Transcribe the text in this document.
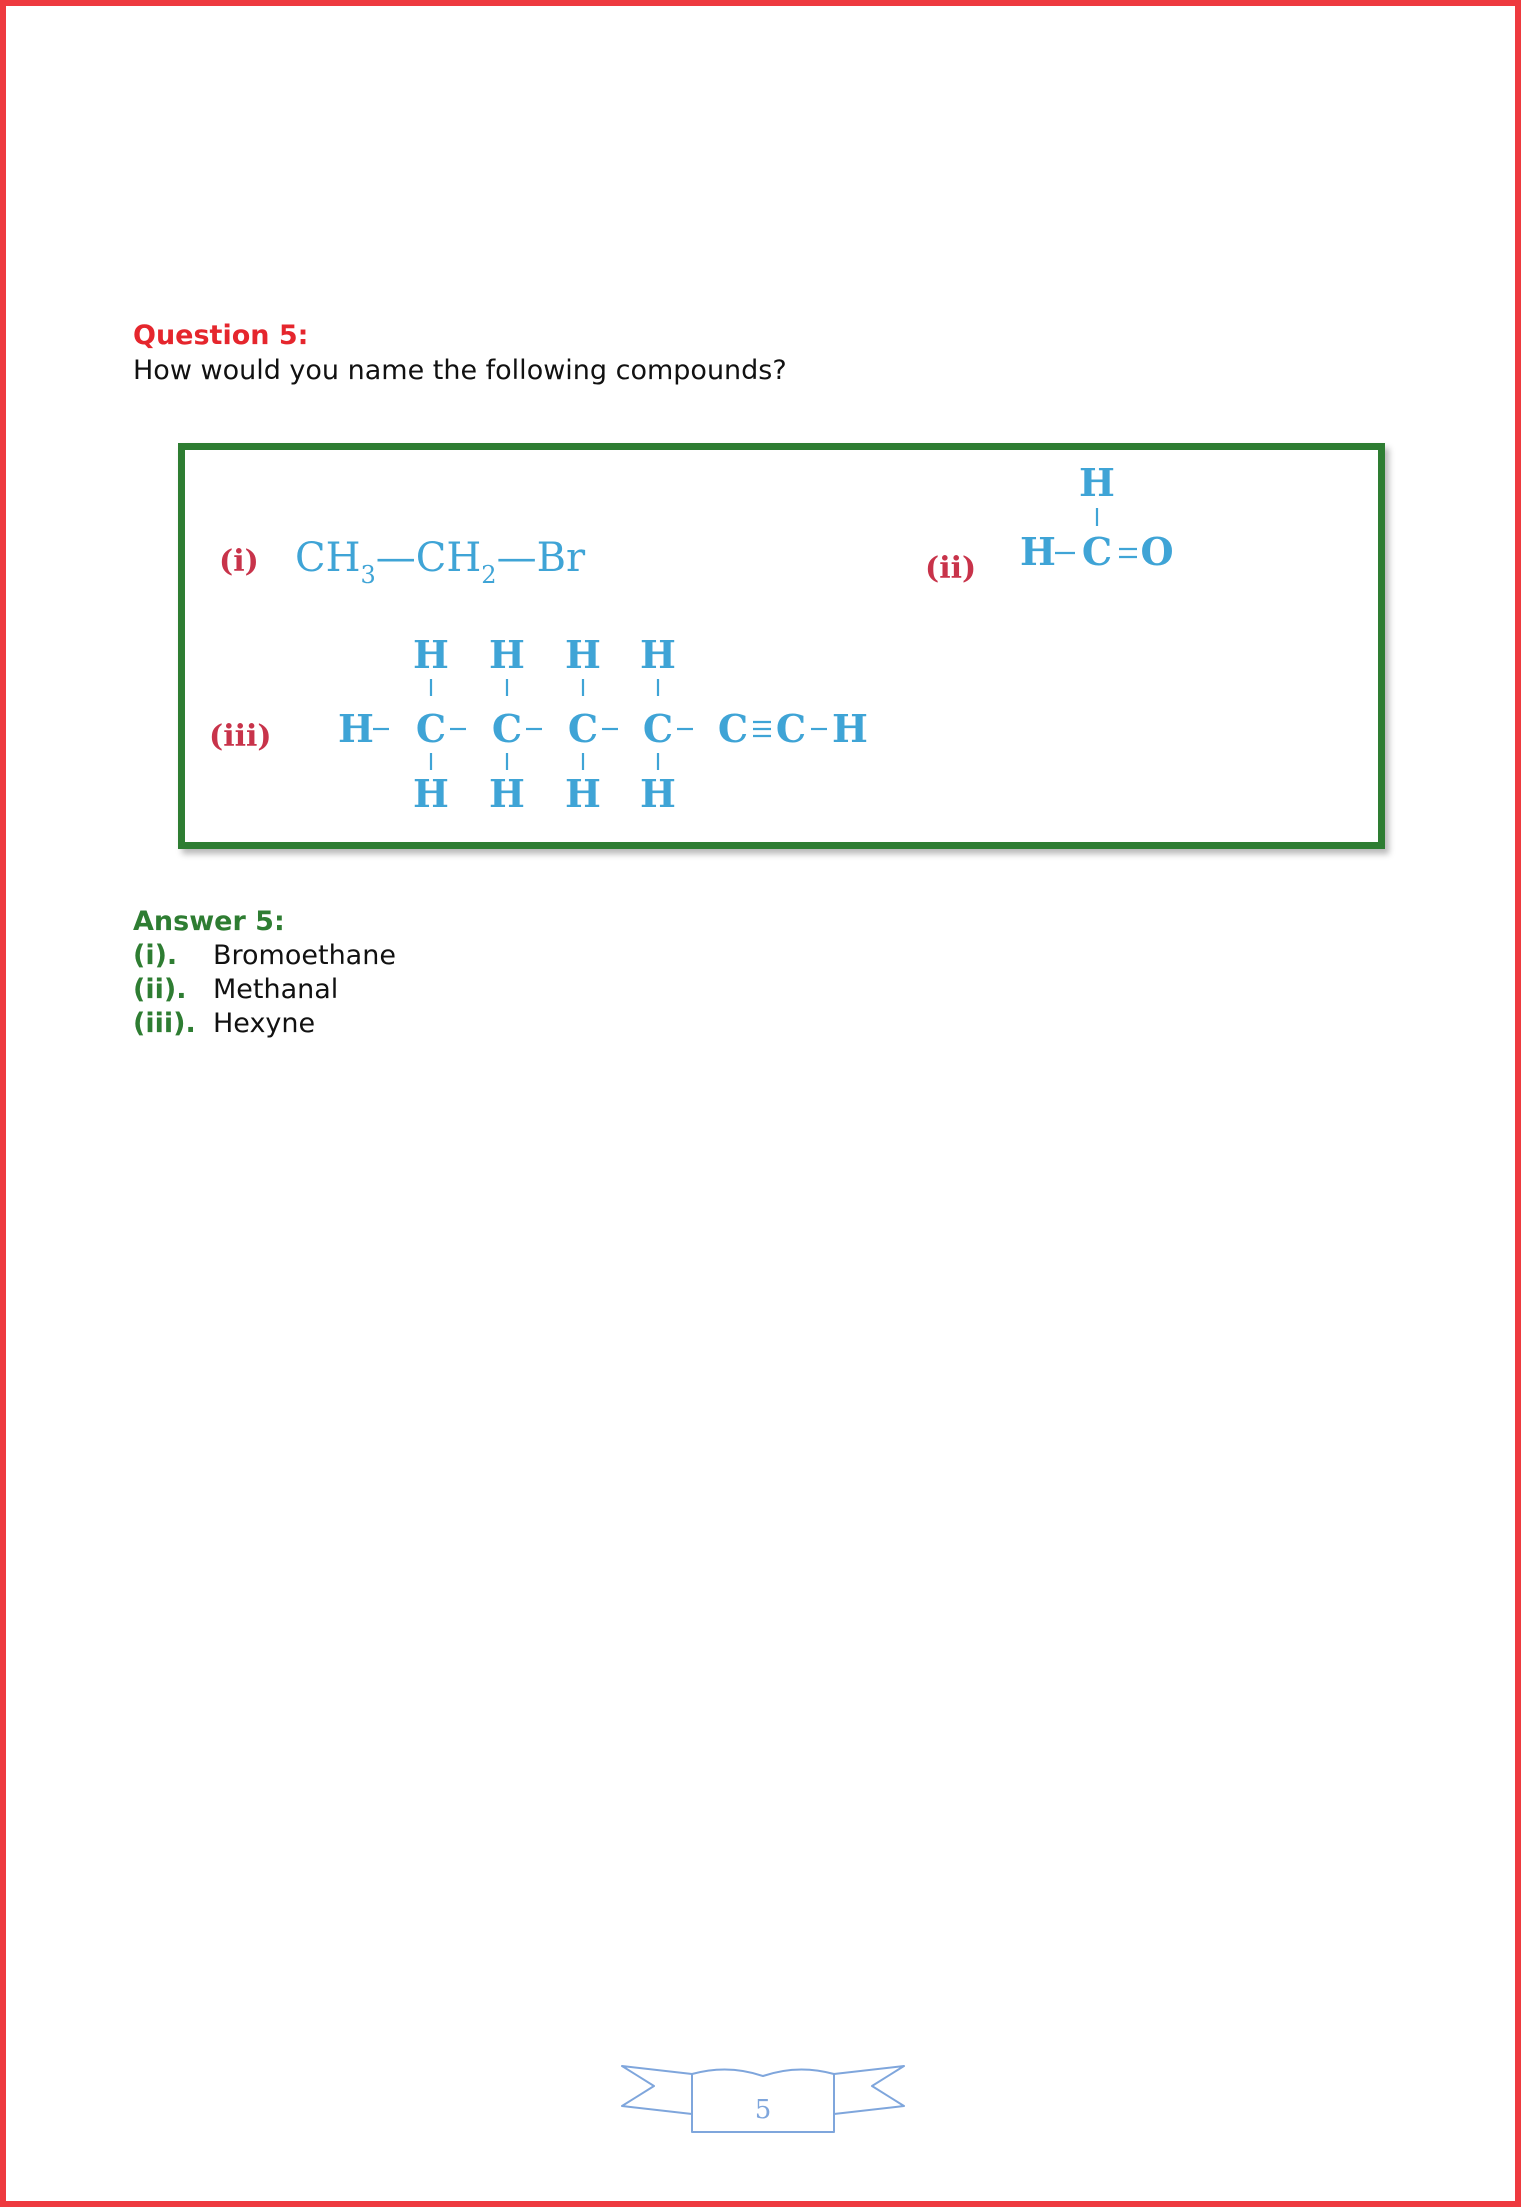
Question 5:
How would you name the following compounds?
(i) $CH_3—CH_2—Br$	(ii)
H
H C O
(iii) H C C C C C C H
H H H H
H H H H
Answer 5:
(i). Bromoethane
(ii). Methanal
(iii). Hexyne
5
